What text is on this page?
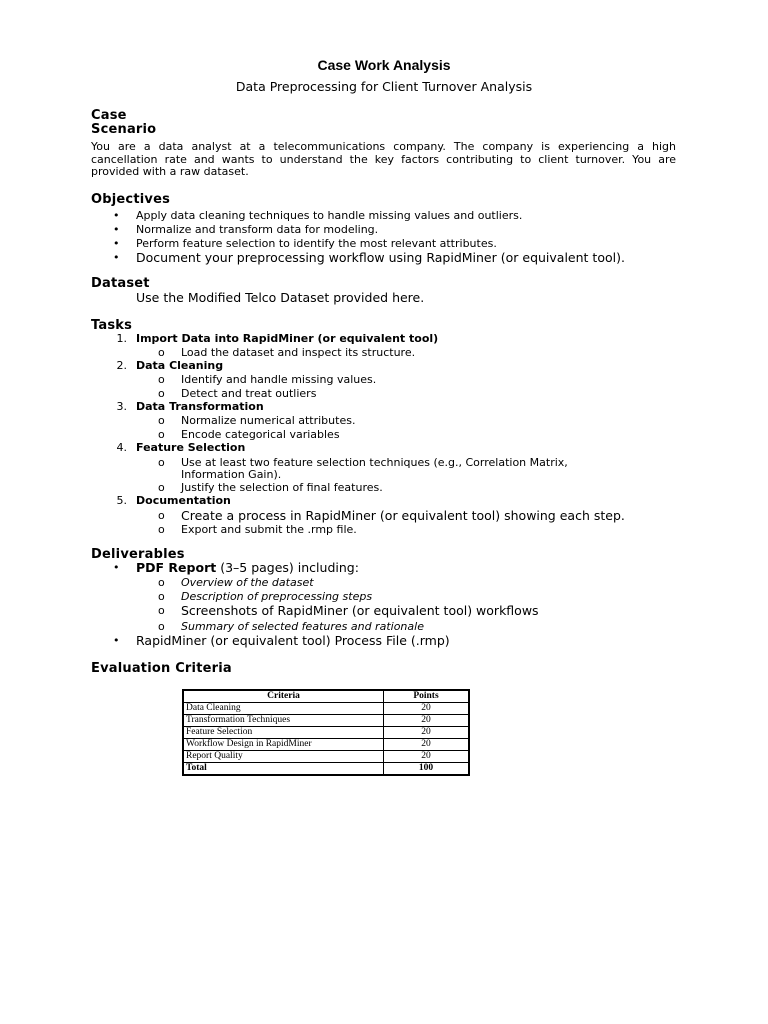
Case Work Analysis
Data Preprocessing for Client Turnover Analysis
Case
Scenario
You are a data analyst at a telecommunications company. The company is experiencing a high cancellation rate and wants to understand the key factors contributing to client turnover. You are provided with a raw dataset.
Objectives
• Apply data cleaning techniques to handle missing values and outliers.
• Normalize and transform data for modeling.
• Perform feature selection to identify the most relevant attributes.
• Document your preprocessing workflow using RapidMiner (or equivalent tool).
Dataset
Use the Modified Telco Dataset provided here.
Tasks
1. Import Data into RapidMiner (or equivalent tool)
o Load the dataset and inspect its structure.
2. Data Cleaning
o Identify and handle missing values.
o Detect and treat outliers
3. Data Transformation
o Normalize numerical attributes.
o Encode categorical variables
4. Feature Selection
o Use at least two feature selection techniques (e.g., Correlation Matrix,
Information Gain).
o Justify the selection of final features.
5. Documentation
o Create a process in RapidMiner (or equivalent tool) showing each step.
o Export and submit the .rmp file.
Deliverables
• PDF Report (3–5 pages) including:
o Overview of the dataset
o Description of preprocessing steps
o Screenshots of RapidMiner (or equivalent tool) workflows
o Summary of selected features and rationale
• RapidMiner (or equivalent tool) Process File (.rmp)
Evaluation Criteria
Criteria	Points
Data Cleaning	20
Transformation Techniques	20
Feature Selection	20
Workflow Design in RapidMiner	20
Report Quality	20
Total	100
